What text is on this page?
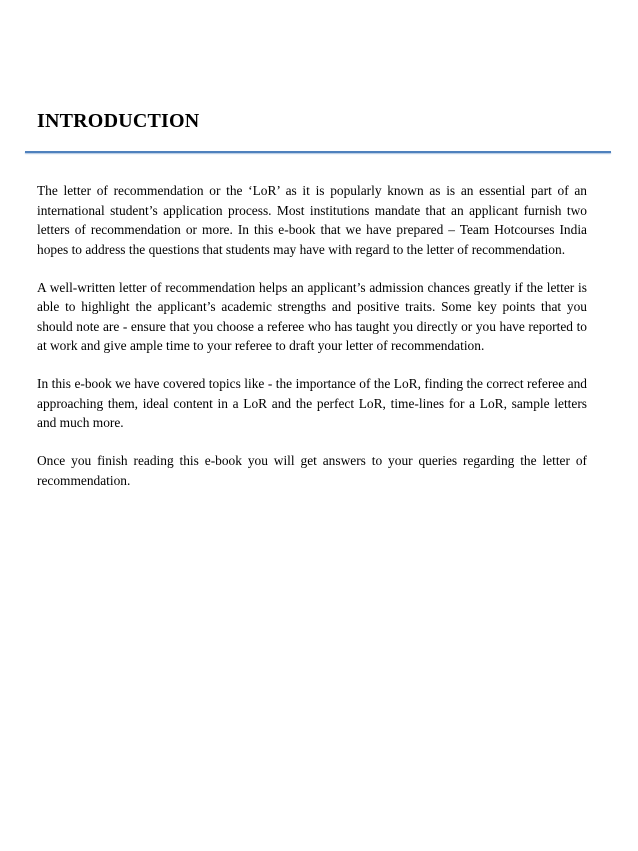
INTRODUCTION

The letter of recommendation or the ‘LoR’ as it is popularly known as is an essential part of an international student’s application process. Most institutions mandate that an applicant furnish two letters of recommendation or more. In this e-book that we have prepared – Team Hotcourses India hopes to address the questions that students may have with regard to the letter of recommendation.

A well-written letter of recommendation helps an applicant’s admission chances greatly if the letter is able to highlight the applicant’s academic strengths and positive traits. Some key points that you should note are - ensure that you choose a referee who has taught you directly or you have reported to at work and give ample time to your referee to draft your letter of recommendation.

In this e-book we have covered topics like - the importance of the LoR, finding the correct referee and approaching them, ideal content in a LoR and the perfect LoR, time-lines for a LoR, sample letters and much more.

Once you finish reading this e-book you will get answers to your queries regarding the letter of recommendation.
